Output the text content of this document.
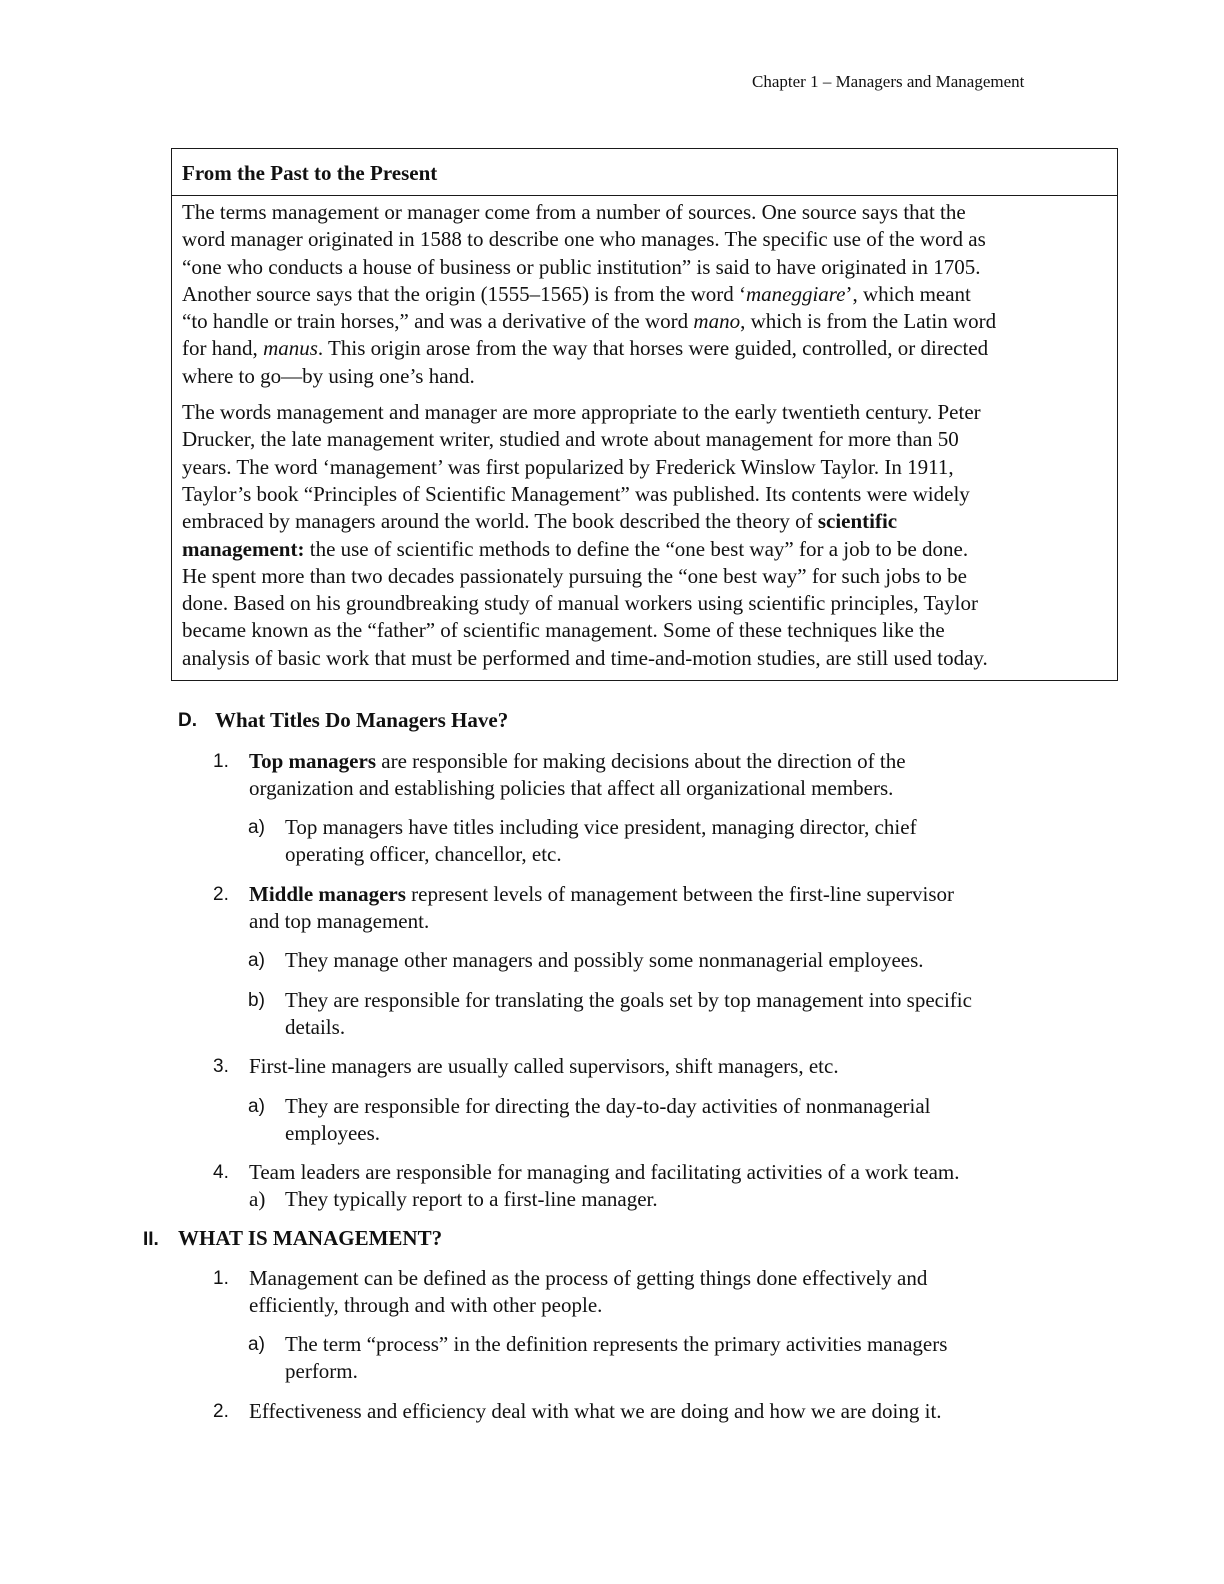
Chapter 1 – Managers and Management
From the Past to the Present

The terms management or manager come from a number of sources. One source says that the
word manager originated in 1588 to describe one who manages. The specific use of the word as
“one who conducts a house of business or public institution” is said to have originated in 1705.
Another source says that the origin (1555–1565) is from the word ‘maneggiare’, which meant
“to handle or train horses,” and was a derivative of the word mano, which is from the Latin word
for hand, manus. This origin arose from the way that horses were guided, controlled, or directed
where to go—by using one’s hand.

The words management and manager are more appropriate to the early twentieth century. Peter
Drucker, the late management writer, studied and wrote about management for more than 50
years. The word ‘management’ was first popularized by Frederick Winslow Taylor. In 1911,
Taylor’s book “Principles of Scientific Management” was published. Its contents were widely
embraced by managers around the world. The book described the theory of scientific
management: the use of scientific methods to define the “one best way” for a job to be done.
He spent more than two decades passionately pursuing the “one best way” for such jobs to be
done. Based on his groundbreaking study of manual workers using scientific principles, Taylor
became known as the “father” of scientific management. Some of these techniques like the
analysis of basic work that must be performed and time-and-motion studies, are still used today.

D. What Titles Do Managers Have?
1. Top managers are responsible for making decisions about the direction of the
organization and establishing policies that affect all organizational members.
a) Top managers have titles including vice president, managing director, chief
operating officer, chancellor, etc.
2. Middle managers represent levels of management between the first-line supervisor
and top management.
a) They manage other managers and possibly some nonmanagerial employees.
b) They are responsible for translating the goals set by top management into specific
details.
3. First-line managers are usually called supervisors, shift managers, etc.
a) They are responsible for directing the day-to-day activities of nonmanagerial
employees.
4. Team leaders are responsible for managing and facilitating activities of a work team.
a) They typically report to a first-line manager.
II. WHAT IS MANAGEMENT?
1. Management can be defined as the process of getting things done effectively and
efficiently, through and with other people.
a) The term “process” in the definition represents the primary activities managers
perform.
2. Effectiveness and efficiency deal with what we are doing and how we are doing it.
